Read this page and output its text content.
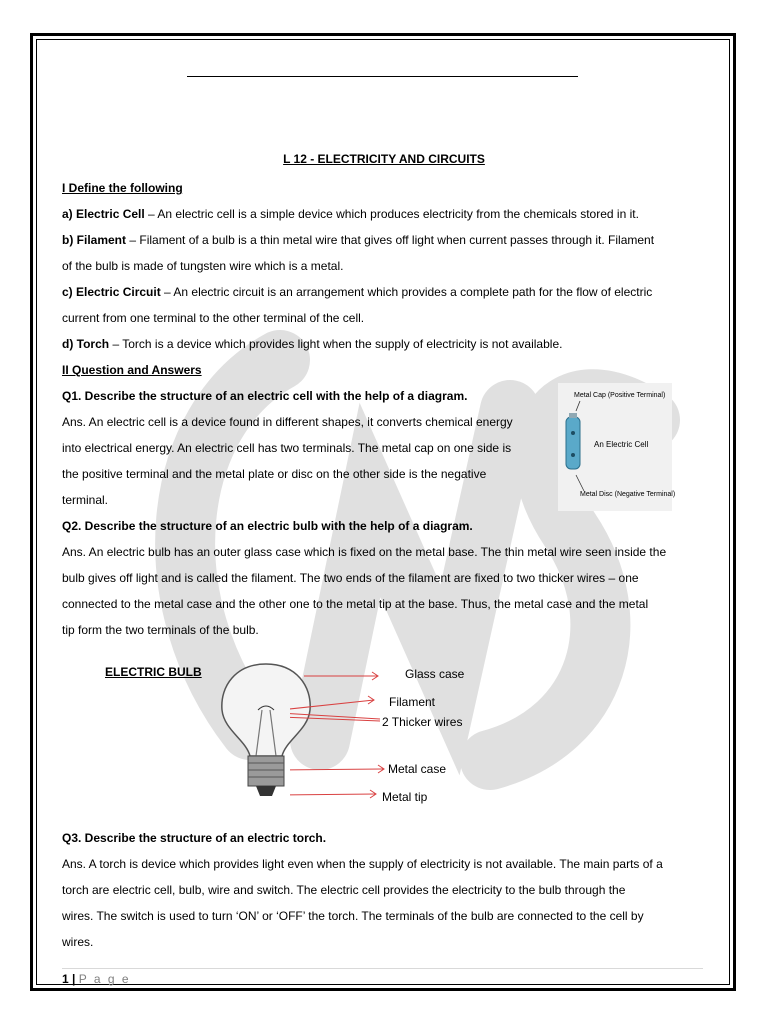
L 12 - ELECTRICITY AND CIRCUITS
I Define the following
a) Electric Cell – An electric cell is a simple device which produces electricity from the chemicals stored in it.
b) Filament – Filament of a bulb is a thin metal wire that gives off light when current passes through it. Filament
of the bulb is made of tungsten wire which is a metal.
c) Electric Circuit – An electric circuit is an arrangement which provides a complete path for the flow of electric
current from one terminal to the other terminal of the cell.
d) Torch – Torch is a device which provides light when the supply of electricity is not available.
II Question and Answers
Q1. Describe the structure of an electric cell with the help of a diagram.
Ans. An electric cell is a device found in different shapes, it converts chemical energy
into electrical energy. An electric cell has two terminals. The metal cap on one side is
the positive terminal and the metal plate or disc on the other side is the negative
terminal.
Metal Cap (Positive Terminal)
An Electric Cell
Metal Disc (Negative Terminal)
Q2. Describe the structure of an electric bulb with the help of a diagram.
Ans. An electric bulb has an outer glass case which is fixed on the metal base. The thin metal wire seen inside the
bulb gives off light and is called the filament. The two ends of the filament are fixed to two thicker wires – one
connected to the metal case and the other one to the metal tip at the base. Thus, the metal case and the metal
tip form the two terminals of the bulb.
ELECTRIC BULB	Glass case
Filament
2 Thicker wires
Metal case
Metal tip
Q3. Describe the structure of an electric torch.
Ans. A torch is device which provides light even when the supply of electricity is not available. The main parts of a
torch are electric cell, bulb, wire and switch. The electric cell provides the electricity to the bulb through the
wires. The switch is used to turn ‘ON’ or ‘OFF’ the torch. The terminals of the bulb are connected to the cell by
wires.
1 | P a g e
